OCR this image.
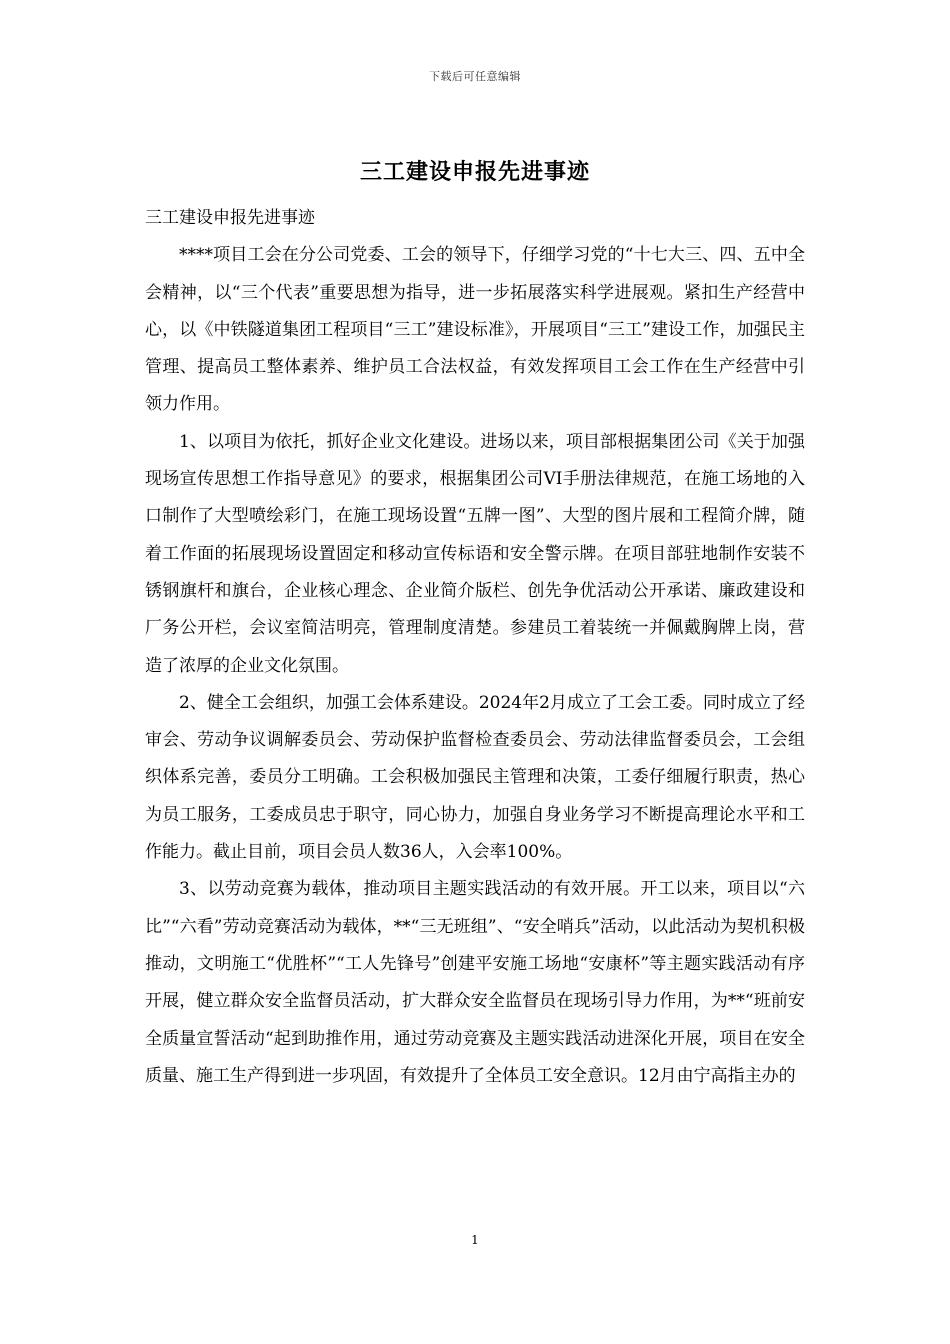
下载后可任意编辑
三工建设申报先进事迹

三工建设申报先进事迹

****项目工会在分公司党委、工会的领导下，仔细学习党的“十七大三、四、五中全会精神，以“三个代表”重要思想为指导，进一步拓展落实科学进展观。紧扣生产经营中心，以《中铁隧道集团工程项目“三工”建设标准》，开展项目“三工”建设工作，加强民主管理、提高员工整体素养、维护员工合法权益，有效发挥项目工会工作在生产经营中引领力作用。

1、以项目为依托，抓好企业文化建设。进场以来，项目部根据集团公司《关于加强现场宣传思想工作指导意见》的要求，根据集团公司VI手册法律规范，在施工场地的入口制作了大型喷绘彩门，在施工现场设置“五牌一图”、大型的图片展和工程简介牌，随着工作面的拓展现场设置固定和移动宣传标语和安全警示牌。在项目部驻地制作安装不锈钢旗杆和旗台，企业核心理念、企业简介版栏、创先争优活动公开承诺、廉政建设和厂务公开栏，会议室简洁明亮，管理制度清楚。参建员工着装统一并佩戴胸牌上岗，营造了浓厚的企业文化氛围。

2、健全工会组织，加强工会体系建设。2024年2月成立了工会工委。同时成立了经审会、劳动争议调解委员会、劳动保护监督检查委员会、劳动法律监督委员会，工会组织体系完善，委员分工明确。工会积极加强民主管理和决策，工委仔细履行职责，热心为员工服务，工委成员忠于职守，同心协力，加强自身业务学习不断提高理论水平和工作能力。截止目前，项目会员人数36人，入会率100%。

3、以劳动竞赛为载体，推动项目主题实践活动的有效开展。开工以来，项目以“六比”“六看”劳动竞赛活动为载体，**“三无班组”、“安全哨兵”活动，以此活动为契机积极推动，文明施工“优胜杯”“工人先锋号”创建平安施工场地“安康杯”等主题实践活动有序开展，健立群众安全监督员活动，扩大群众安全监督员在现场引导力作用，为**“班前安全质量宣誓活动“起到助推作用，通过劳动竞赛及主题实践活动进深化开展，项目在安全质量、施工生产得到进一步巩固，有效提升了全体员工安全意识。12月由宁高指主办的

1
